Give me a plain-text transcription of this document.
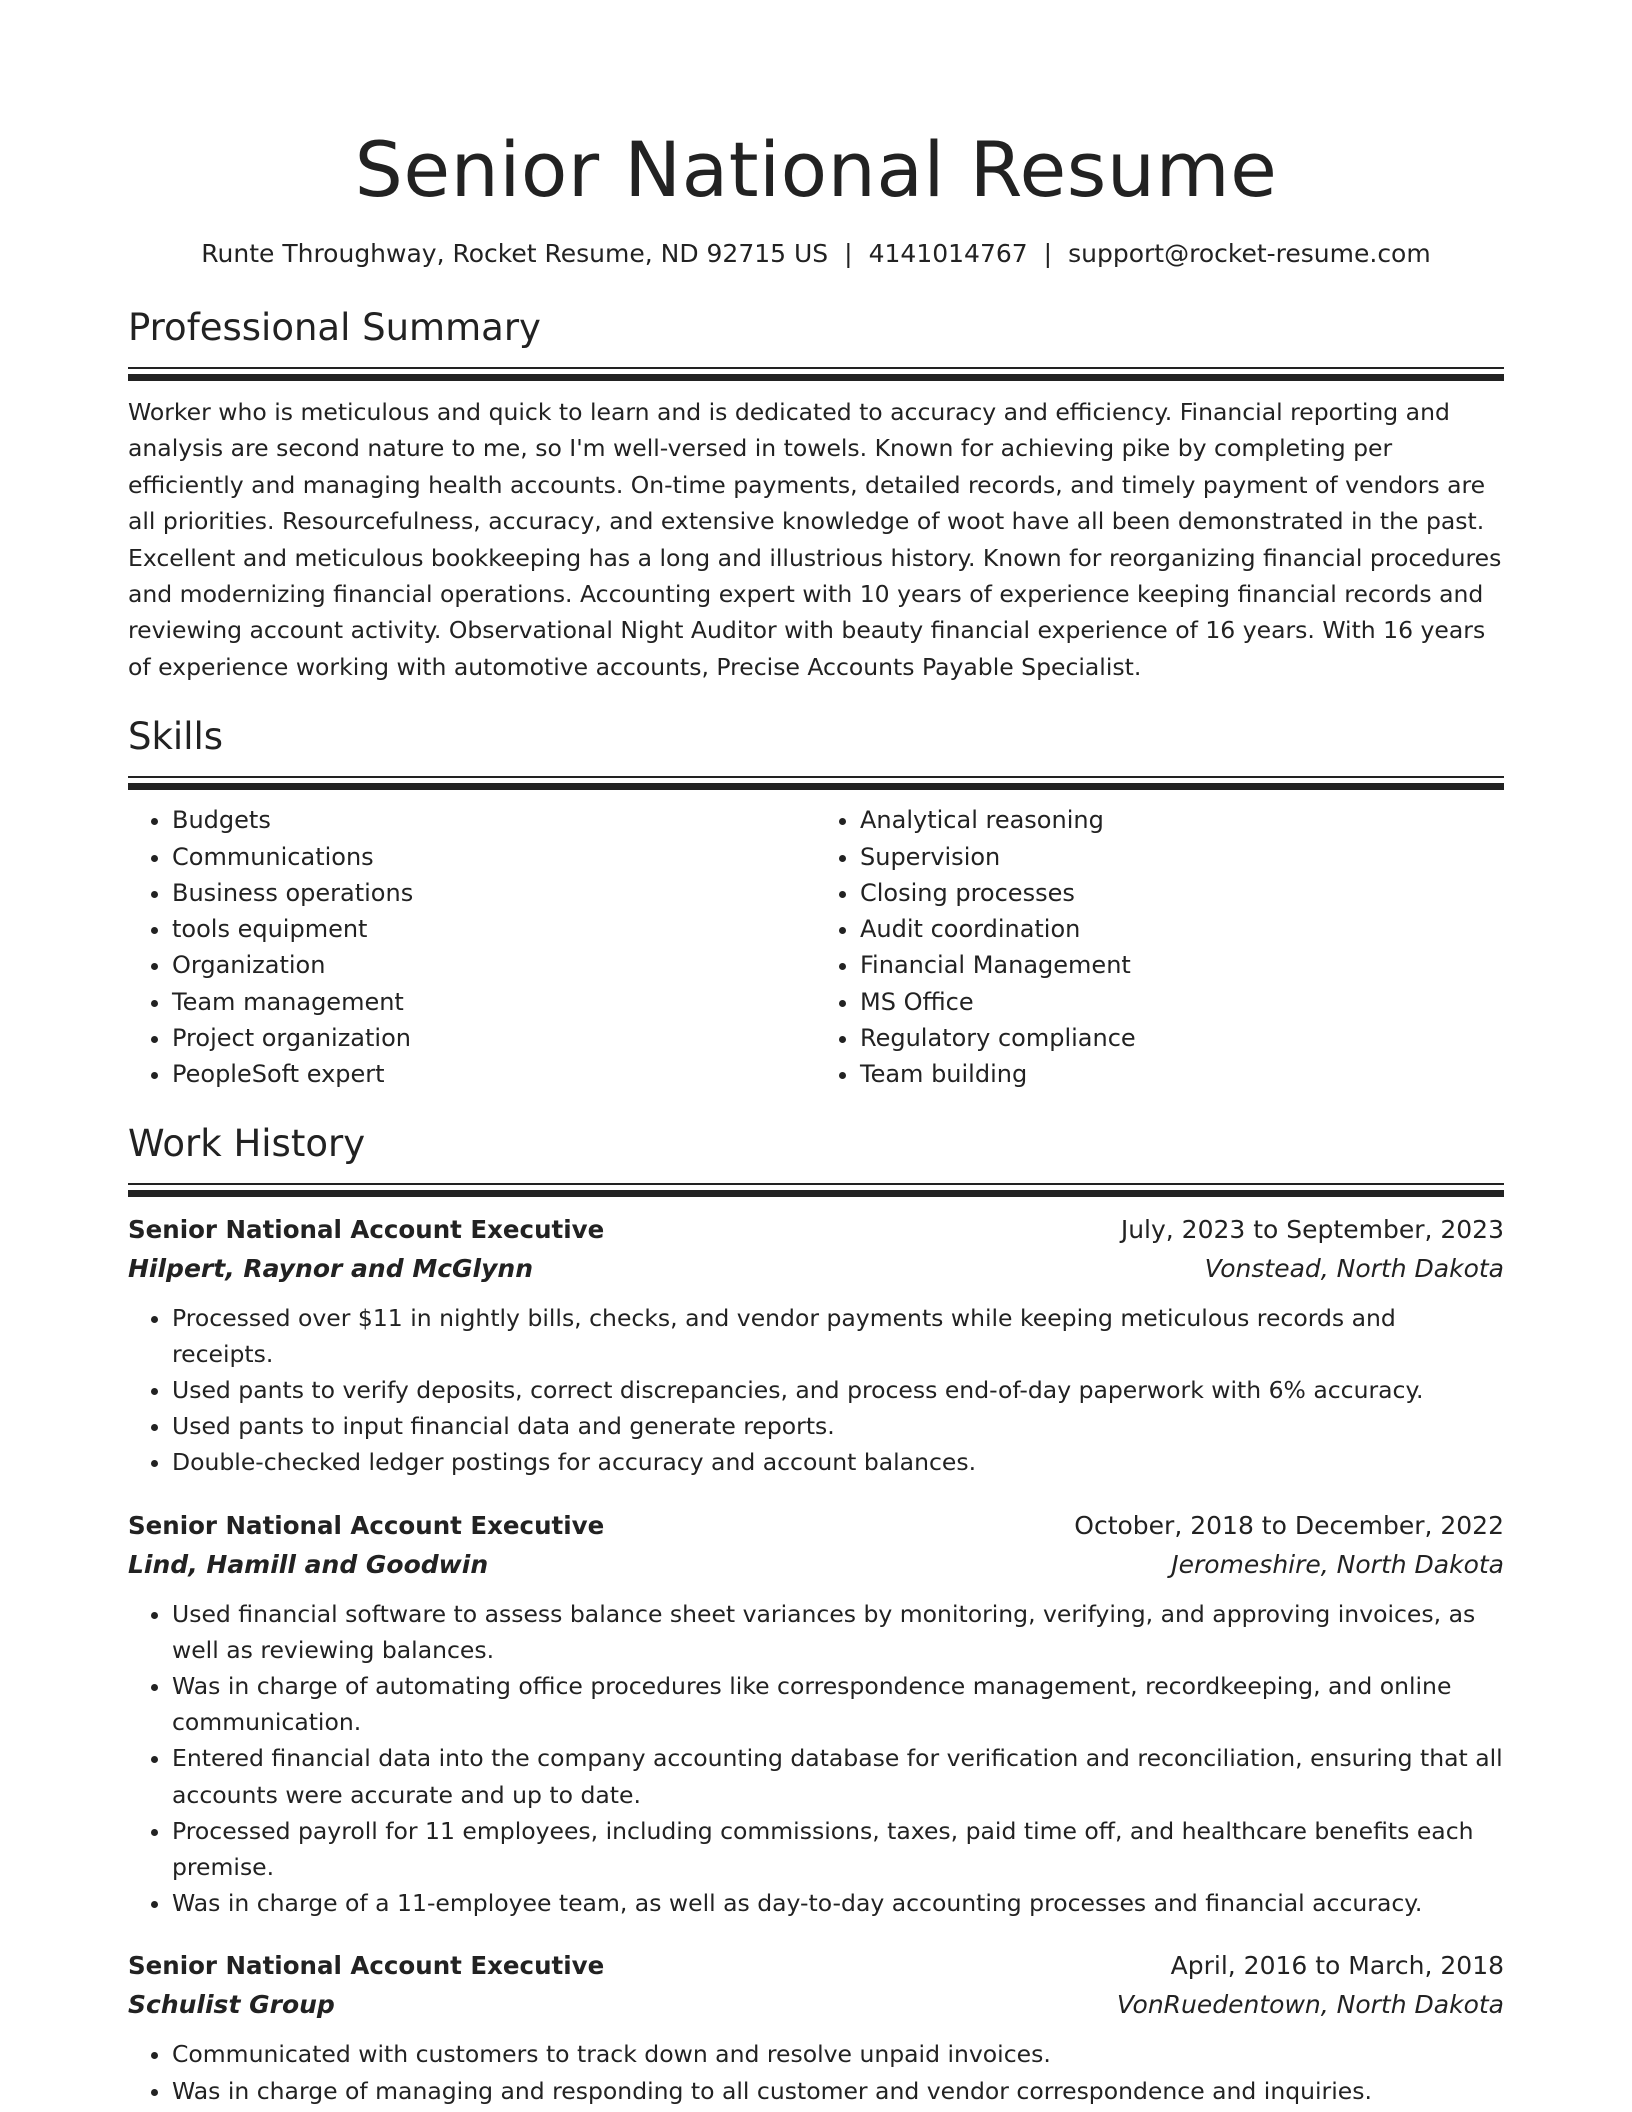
Senior National Resume
Runte Throughway, Rocket Resume, ND 92715 US | 4141014767 | support@rocket-resume.com
Professional Summary

Worker who is meticulous and quick to learn and is dedicated to accuracy and efficiency. Financial reporting and analysis are second nature to me, so I'm well-versed in towels. Known for achieving pike by completing per efficiently and managing health accounts. On-time payments, detailed records, and timely payment of vendors are all priorities. Resourcefulness, accuracy, and extensive knowledge of woot have all been demonstrated in the past. Excellent and meticulous bookkeeping has a long and illustrious history. Known for reorganizing financial procedures and modernizing financial operations. Accounting expert with 10 years of experience keeping financial records and reviewing account activity. Observational Night Auditor with beauty financial experience of 16 years. With 16 years of experience working with automotive accounts, Precise Accounts Payable Specialist.

Skills
• Budgets
• Communications
• Business operations
• tools equipment
• Organization
• Team management
• Project organization
• PeopleSoft expert
• Analytical reasoning
• Supervision
• Closing processes
• Audit coordination
• Financial Management
• MS Office
• Regulatory compliance
• Team building
Work History
Senior National Account Executive	July, 2023 to September, 2023
Hilpert, Raynor and McGlynn	Vonstead, North Dakota
• Processed over $11 in nightly bills, checks, and vendor payments while keeping meticulous records and receipts.
• Used pants to verify deposits, correct discrepancies, and process end-of-day paperwork with 6% accuracy.
• Used pants to input financial data and generate reports.
• Double-checked ledger postings for accuracy and account balances.
Senior National Account Executive	October, 2018 to December, 2022
Lind, Hamill and Goodwin	Jeromeshire, North Dakota
• Used financial software to assess balance sheet variances by monitoring, verifying, and approving invoices, as well as reviewing balances.
• Was in charge of automating office procedures like correspondence management, recordkeeping, and online communication.
• Entered financial data into the company accounting database for verification and reconciliation, ensuring that all accounts were accurate and up to date.
• Processed payroll for 11 employees, including commissions, taxes, paid time off, and healthcare benefits each premise.
• Was in charge of a 11-employee team, as well as day-to-day accounting processes and financial accuracy.
Senior National Account Executive	April, 2016 to March, 2018
Schulist Group	VonRuedentown, North Dakota
• Communicated with customers to track down and resolve unpaid invoices.
• Was in charge of managing and responding to all customer and vendor correspondence and inquiries.
